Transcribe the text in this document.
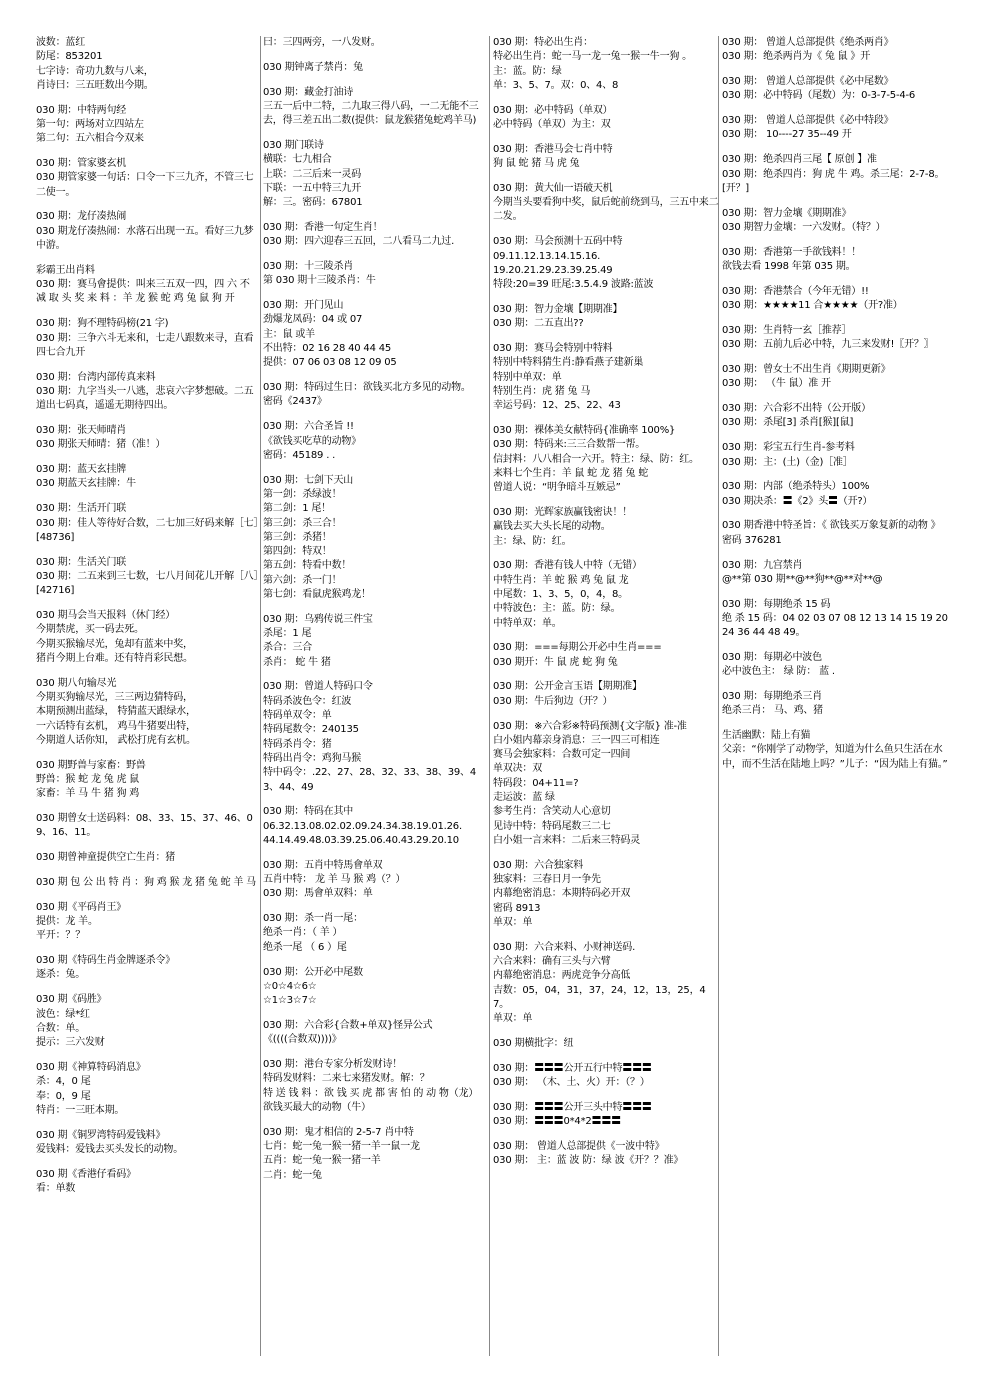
波数：蓝红
防尾：853201
七字诗：奇功九数与八来，
肖诗曰：三五旺数出今期。
030 期：中特两句经
第一句：两场对立四站左
第二句：五六相合今双来
030 期：管家婆玄机
030 期管家婆一句话：口令一下三九齐，不管三七二使一。
030 期：龙仔凑热闹
030 期龙仔凑热闹：水落石出现一五。看好三九梦中游。
彩霸王出肖料
030 期：赛马會提供：叫来三五双一四，四 六 不 减 取 头 奖 来 料 ：羊 龙 猴 蛇 鸡 兔 鼠 狗 开
030 期：狗不理特码榜(21 字)
030 期：三争六斗无来和，七走八跟数来寻，直看四七合九开
030 期：台湾内部传真来料
030 期：九字当头一八逃，悲哀六字梦想破。二五道出七码真，遥遥无期待四出。
030 期：张天师晴肖
030 期张天师晴：猪（准！）
030 期：蓝天玄挂牌
030 期蓝天玄挂牌：牛
030 期：生活开门联
030 期：佳人等待好合数，二七加三好码来解［七］[48736]
030 期：生活关门联
030 期：二五来到三七数，七八月间花儿开解［八］[42716]
030 期马会当天报料（休门经）
今期禁虎，买一码去死。
今期买猴输尽光，兔却有蓝来中奖，
猪肖今期上台难。还有特肖彩民想。
030 期八句输尽光
今期买狗输尽光，三三两边猜特码，
本期预测出蓝绿， 特猜蓝天跟绿水，
一六话特有玄机， 鸡马牛猪要出特，
今期道人话你知， 武松打虎有玄机。
030 期野兽与家畜：野兽
野兽：猴 蛇 龙 兔 虎 鼠
家畜：羊 马 牛 猪 狗 鸡
030 期曾女士送码料：08、33、15、37、46、09、16、11。
030 期曾神童提供空亡生肖：猪
030 期 包 公 出 特 肖 ：狗 鸡 猴 龙 猪 兔 蛇 羊 马
030 期《平码肖王》
提供：龙 羊。
平开：？？
030 期《特码生肖金牌逐杀令》
逐杀：兔。
030 期《码胜》
波色：绿*红
合数：单。
提示：三六发财
030 期《神算特码消息》
杀：4，0 尾
奉：0，9 尾
特肖：一三旺本期。
030 期《铜罗湾特码爱钱料》
爱钱料：爱钱去买头发长的动物。
030 期《香港仔看码》
看：单数
曰：三四两旁，一八发财。
030 期钟离子禁肖：兔
030 期：藏金打油诗
三五一后中二特，二九取三得八码，一二无能不三去，得三差五出二数(提供：鼠龙猴猪兔蛇鸡羊马)
030 期门联诗
横联：七九相合
上联：二三后来一灵码
下联：一五中特三九开
解：三。密码：67801
030 期：香港一句定生肖！
030 期：四六迎春三五回，二八看马二九过.
030 期：十三陵杀肖
第 030 期十三陵杀肖：牛
030 期：开门见山
劲爆龙凤码：04 或 07
主：鼠 或羊
不出特：02 16 28 40 44 45
提供：07 06 03 08 12 09 05
030 期：特码过生日：欲钱买北方多见的动物。
密码《2437》
030 期：六合圣旨 !!
《欲钱买吃草的动物》
密码：45189 . .
030 期：七剑下天山
第一剑：杀绿波！
第二剑：1 尾！
第三剑：杀三合！
第三剑：杀猪！
第四剑：特双！
第五剑：特看中数！
第六剑：杀一门！
第七剑：看鼠虎猴鸡龙！
030 期：乌鸦传说三件宝
杀尾：1 尾
杀合：三合
杀肖： 蛇 牛 猪
030 期：曾道人特码口令
特码杀波色令：红波
特码单双令：单
特码尾数令：240135
特码杀肖令：猪
特码出肖令：鸡狗马猴
特中码令：.22、27、28、32、33、38、39、43、44、49
030 期：特码在其中
06.32.13.08.02.02.09.24.34.38.19.01.26.
44.14.49.48.03.39.25.06.40.43.29.20.10
030 期：五肖中特馬會单双
五肖中特： 龙 羊 马 猴 鸡（？）
030 期：馬會单双料：单
030 期：杀一肖一尾：
绝杀一肖：（ 羊 ）
绝杀一尾 （ 6 ）尾
030 期：公开必中尾数
☆0☆4☆6☆
☆1☆3☆7☆
030 期：六合彩{合数+单双}怪异公式
《((((合数双))))》
030 期：港台专家分析发财诗！
特码发财料：二来七来猪发财。解：？
特 送 钱 料 ：欲 钱 买 虎 都 害 怕 的 动 物（龙） 欲钱买最大的动物（牛）
030 期：鬼才相信的 2-5-7 肖中特
七肖：蛇一兔一猴一猪一羊一鼠一龙
五肖：蛇一兔一猴一猪一羊
二肖：蛇一兔
030 期：特必出生肖：
特必出生肖：蛇一马一龙一兔一猴一牛一狗 。
主：蓝。防：绿
单：3、5、7。双：0、4、8
030 期：必中特码（单双）
必中特码（单双）为主：双
030 期：香港马会七肖中特
狗 鼠 蛇 猪 马 虎 兔
030 期：黄大仙一语破天机
今期当头要看狗中奖，鼠后蛇前绕到马，三五中来二二发。
030 期：马会预测十五码中特
09.11.12.13.14.15.16.
19.20.21.29.23.39.25.49
特段:20=39 旺尾:3.5.4.9 波路:蓝波
030 期：智力金壤【期期准】
030 期：二五直出??
030 期：赛马会特别中特料
特别中特料猜生肖:静看燕子建新巢
特别中单双：单
特别生肖：虎 猪 兔 马
幸运号码：12、25、22、43
030 期：裸体美女献特码{准确率 100%}
030 期：特码来:三三合数帮一帮。
信封料：八八相合一六开。特主：绿、防：红。
来料七个生肖：羊 鼠 蛇 龙 猪 兔 蛇
曾道人说：“明争暗斗互嫉忌”
030 期：光辉家族赢钱密诀！！
赢钱去买大头长尾的动物。
主：绿、防：红。
030 期：香港有钱人中特（无错）
中特生肖：羊 蛇 猴 鸡 兔 鼠 龙
中尾数：1、3、5，0，4，8。
中特波色：主：蓝。防：绿。
中特单双：单。
030 期：===每期公开必中生肖===
030 期开：牛 鼠 虎 蛇 狗 兔
030 期：公开金言玉语【期期准】
030 期：牛后狗边（开？）
030 期：※六合彩※特码预测{文字版} 准-准
白小姐内幕亲身消息：三一四三可相连
赛马会独家料：合数可定一四间
单双决：双
特码段：04+11=?
走运波：蓝 绿
参考生肖：含笑动人心意切
见诗中特：特码尾数三二七
白小姐一言来料：二后来三特码灵
030 期：六合独家料
独家料：三春日月一争先
内幕绝密消息：本期特码必开双
密码 8913
单双：单
030 期：六合来料、小财神送码.
六合来料：确有三头与六臂
内幕绝密消息：两虎竞争分高低
吉数：05，04，31，37，24，12，13，25，47。
单双：单
030 期横批字：纽
030 期：〓〓〓公开五行中特〓〓〓
030 期： （木、土、火）开：（？）
030 期：〓〓〓公开三头中特〓〓〓
030 期：〓〓〓0*4*2〓〓〓
030 期： 曾道人总部提供《一波中特》
030 期： 主：蓝 波 防：绿 波《开？？准》
030 期： 曾道人总部提供《绝杀两肖》
030 期：绝杀两肖为《 兔 鼠 》开
030 期： 曾道人总部提供《必中尾数》
030 期：必中特码（尾数）为：0-3-7-5-4-6
030 期： 曾道人总部提供《必中特段》
030 期： 10----27 35--49 开
030 期：绝杀四肖三尾【 原创 】准
030 期：绝杀四肖：狗 虎 牛 鸡。杀三尾：2-7-8。[开？]
030 期：智力金壤《期期准》
030 期智力金壤：一六发财。（特？）
030 期：香港第一手欲钱料！！
欲钱去看 1998 年第 035 期。
030 期：香港禁合（今年无错）!!
030 期：★★★★11 合★★★★（开?准）
030 期：生肖特一玄［推荐］
030 期：五前九后必中特，九三来发财!〖开？〗
030 期：曾女士不出生肖《期期更新》
030 期： （牛 鼠）准 开
030 期：六合彩不出特（公开版）
030 期：杀尾[3] 杀肖[猴][鼠]
030 期：彩宝五行生肖-参考料
030 期：主：(土)（金)［准］
030 期：内部（绝杀特头）100%
030 期决杀：〓《2》头〓（开?）
030 期香港中特圣旨：《 欲钱买万象复新的动物 》密码 376281
030 期：九宫禁肖
@**第 030 期**@**狗**@**对**@
030 期：每期绝杀 15 码
绝 杀 15 码：04 02 03 07 08 12 13 14 15 19 20 24 36 44 48 49。
030 期：每期必中波色
必中波色主： 绿 防： 蓝 .
030 期：每期绝杀三肖
绝杀三肖： 马、鸡、猪
生活幽默：陆上有猫
父亲：“你刚学了动物学，知道为什么鱼只生活在水中，而不生活在陆地上吗？”儿子：“因为陆上有猫。”
